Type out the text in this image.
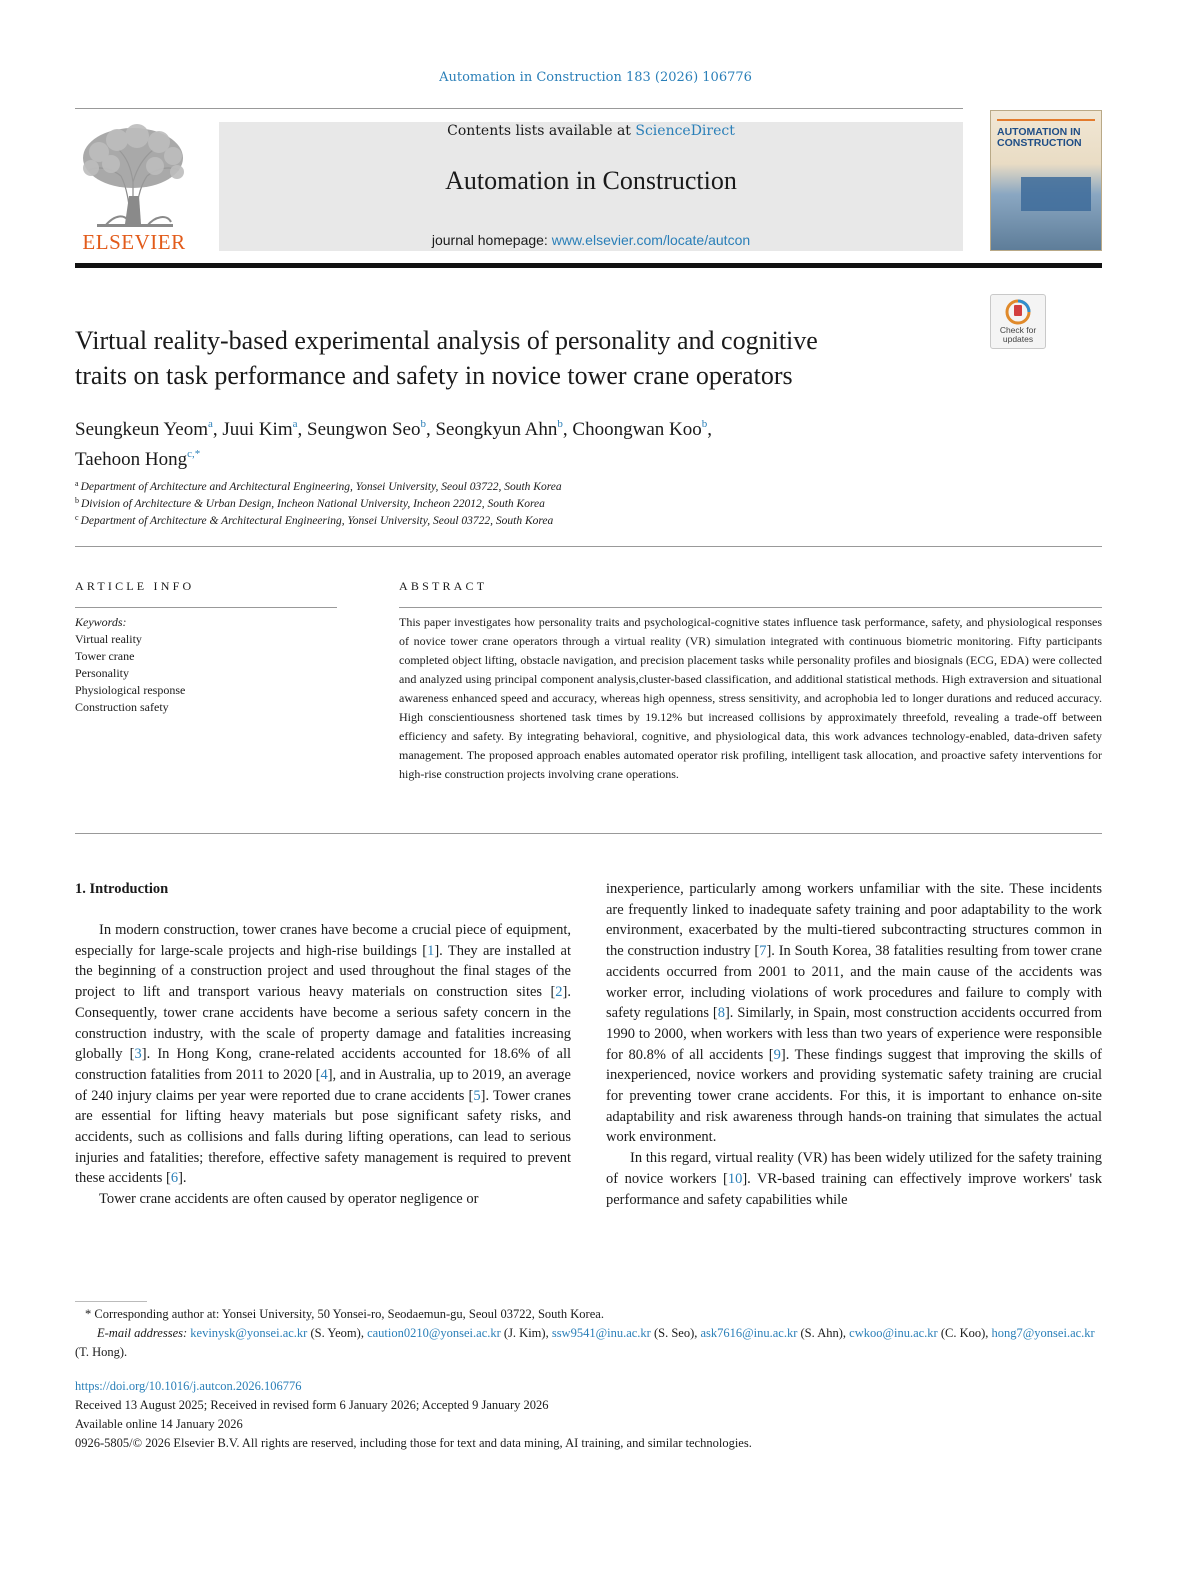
Automation in Construction 183 (2026) 106776
ELSEVIER
Contents lists available at ScienceDirect
Automation in Construction
journal homepage: www.elsevier.com/locate/autcon
AUTOMATION IN
CONSTRUCTION
Virtual reality-based experimental analysis of personality and cognitive
traits on task performance and safety in novice tower crane operators
Check for
updates
Seungkeun Yeom$^a$, Juui Kim$^a$, Seungwon Seo$^b$, Seongkyun Ahn$^b$, Choongwan Koo$^b$,
Taehoon Hong$^{c,*}$
$^a$ Department of Architecture and Architectural Engineering, Yonsei University, Seoul 03722, South Korea
$^b$ Division of Architecture & Urban Design, Incheon National University, Incheon 22012, South Korea
$^c$ Department of Architecture & Architectural Engineering, Yonsei University, Seoul 03722, South Korea
ARTICLE INFO	ABSTRACT
Keywords:
Virtual reality
Tower crane
Personality
Physiological response
Construction safety
This paper investigates how personality traits and psychological-cognitive states influence task performance, safety, and physiological responses of novice tower crane operators through a virtual reality (VR) simulation integrated with continuous biometric monitoring. Fifty participants completed object lifting, obstacle navigation, and precision placement tasks while personality profiles and biosignals (ECG, EDA) were collected and analyzed using principal component analysis,cluster-based classification, and additional statistical methods. High extraversion and situational awareness enhanced speed and accuracy, whereas high openness, stress sensitivity, and acrophobia led to longer durations and reduced accuracy. High conscientiousness shortened task times by 19.12% but increased collisions by approximately threefold, revealing a trade-off between efficiency and safety. By integrating behavioral, cognitive, and physiological data, this work advances technology-enabled, data-driven safety management. The proposed approach enables automated operator risk profiling, intelligent task allocation, and proactive safety interventions for high-rise construction projects involving crane operations.
1. Introduction

In modern construction, tower cranes have become a crucial piece of equipment, especially for large-scale projects and high-rise buildings [1]. They are installed at the beginning of a construction project and used throughout the final stages of the project to lift and transport various heavy materials on construction sites [2]. Consequently, tower crane accidents have become a serious safety concern in the construction industry, with the scale of property damage and fatalities increasing globally [3]. In Hong Kong, crane-related accidents accounted for 18.6% of all construction fatalities from 2011 to 2020 [4], and in Australia, up to 2019, an average of 240 injury claims per year were reported due to crane accidents [5]. Tower cranes are essential for lifting heavy materials but pose significant safety risks, and accidents, such as collisions and falls during lifting operations, can lead to serious injuries and fatalities; therefore, effective safety management is required to prevent these accidents [6].

Tower crane accidents are often caused by operator negligence or

inexperience, particularly among workers unfamiliar with the site. These incidents are frequently linked to inadequate safety training and poor adaptability to the work environment, exacerbated by the multi-tiered subcontracting structures common in the construction industry [7]. In South Korea, 38 fatalities resulting from tower crane accidents occurred from 2001 to 2011, and the main cause of the accidents was worker error, including violations of work procedures and failure to comply with safety regulations [8]. Similarly, in Spain, most construction accidents occurred from 1990 to 2000, when workers with less than two years of experience were responsible for 80.8% of all accidents [9]. These findings suggest that improving the skills of inexperienced, novice workers and providing systematic safety training are crucial for preventing tower crane accidents. For this, it is important to enhance on-site adaptability and risk awareness through hands-on training that simulates the actual work environment.

In this regard, virtual reality (VR) has been widely utilized for the safety training of novice workers [10]. VR-based training can effectively improve workers' task performance and safety capabilities while

* Corresponding author at: Yonsei University, 50 Yonsei-ro, Seodaemun-gu, Seoul 03722, South Korea.
E-mail addresses: kevinysk@yonsei.ac.kr (S. Yeom), caution0210@yonsei.ac.kr (J. Kim), ssw9541@inu.ac.kr (S. Seo), ask7616@inu.ac.kr (S. Ahn), cwkoo@inu.ac.kr (C. Koo), hong7@yonsei.ac.kr (T. Hong).
https://doi.org/10.1016/j.autcon.2026.106776
Received 13 August 2025; Received in revised form 6 January 2026; Accepted 9 January 2026
Available online 14 January 2026
0926-5805/© 2026 Elsevier B.V. All rights are reserved, including those for text and data mining, AI training, and similar technologies.
